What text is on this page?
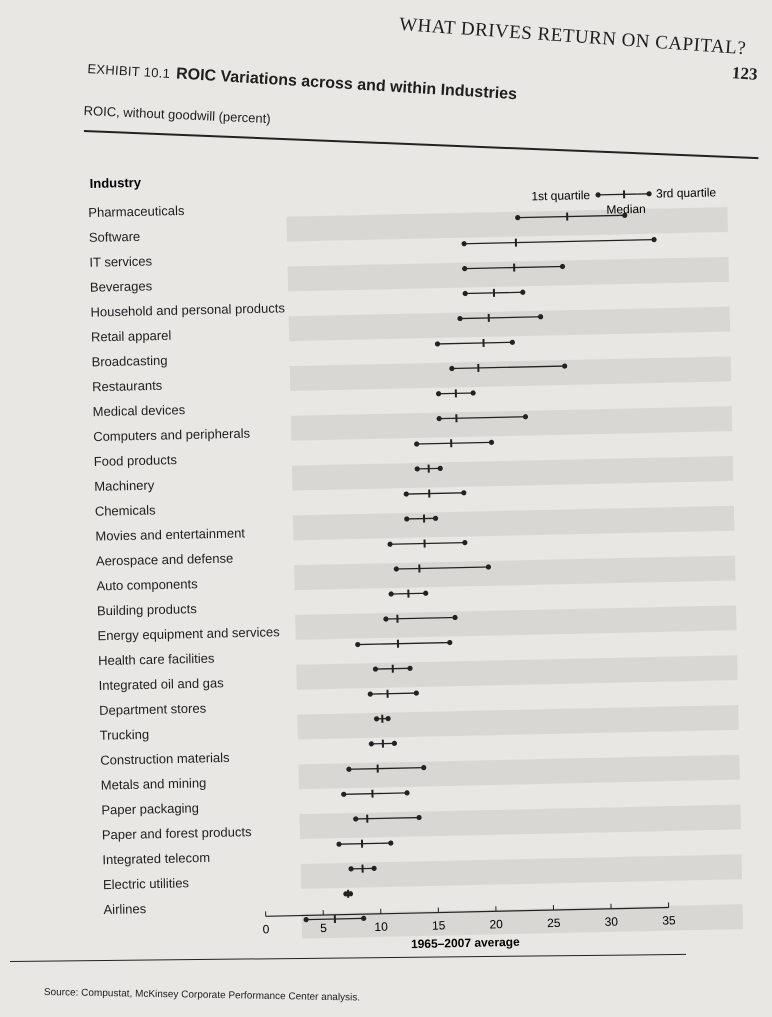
WHAT DRIVES RETURN ON CAPITAL?
123
EXHIBIT 10.1 ROIC Variations across and within Industries
ROIC, without goodwill (percent)
Industry
Pharmaceuticals
Software
IT services
Beverages
Household and personal products
Retail apparel
Broadcasting
Restaurants
Medical devices
Computers and peripherals
Food products
Machinery
Chemicals
Movies and entertainment
Aerospace and defense
Auto components
Building products
Energy equipment and services
Health care facilities
Integrated oil and gas
Department stores
Trucking
Construction materials
Metals and mining
Paper packaging
Paper and forest products
Integrated telecom
Electric utilities
Airlines
1st quartile	3rd quartile
Median
0	5	10	15	20	25	30	35
1965–2007 average
Source: Compustat, McKinsey Corporate Performance Center analysis.
